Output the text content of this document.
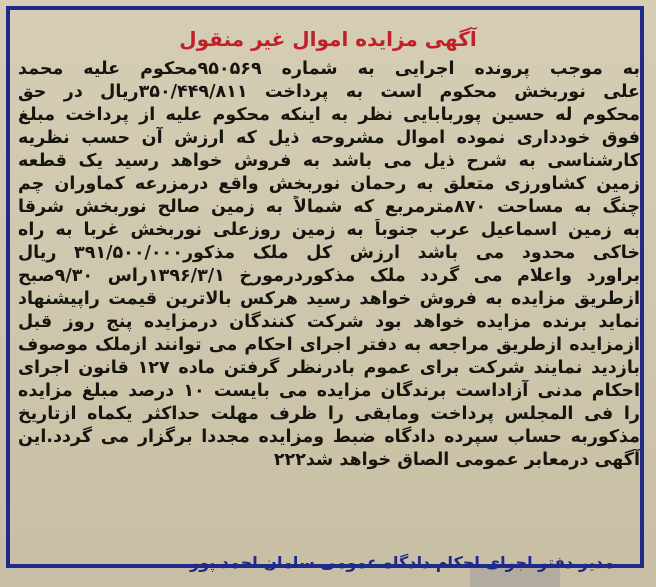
آگهی مزایده اموال غیر منقول
به موجب پرونده اجرایی به شماره ۹۵۰۵۶۹محکوم علیه محمد
علی نوربخش محکوم است به پرداخت ۳۵۰/۴۴۹/۸۱۱ریال در حق
محکوم له حسین پوربابایی نظر به اینکه محکوم علیه از پرداخت مبلغ
فوق خودداری نموده اموال مشروحه ذیل که ارزش آن حسب نظریه
کارشناسی به شرح ذیل می باشد به فروش خواهد رسید یک قطعه
زمین کشاورزی متعلق به رحمان نوربخش واقع درمزرعه کماوران چم
چنگ به مساحت ۸۷۰مترمربع که شمالاً به زمین صالح نوربخش شرقا
به زمین اسماعیل عرب جنوباً به زمین روزعلی نوربخش غربا به راه
خاکی محدود می باشد ارزش کل ملک مذکور۳۹۱/۵۰۰/۰۰۰ ریال
براورد واعلام می گردد ملک مذکوردرمورخ ۱۳۹۶/۳/۱راس ۹/۳۰صبح
ازطریق مزایده به فروش خواهد رسید هرکس بالاترین قیمت راپیشنهاد
نماید برنده مزایده خواهد بود شرکت کنندگان درمزایده پنج روز قبل
ازمزایده ازطریق مراجعه به دفتر اجرای احکام می توانند ازملک موصوف
بازدید نمایند شرکت برای عموم بادرنظر گرفتن ماده ۱۲۷ قانون اجرای
احکام مدنی آزاداست برندگان مزایده می بایست ۱۰ درصد مبلغ مزایده
را فی المجلس پرداخت ومابقی را ظرف مهلت حداکثر یکماه ازتاریخ
مذکوربه حساب سپرده دادگاه ضبط ومزایده مجددا برگزار می گردد.این
آگهی درمعابر عمومی الصاق خواهد شد۲۲۲
مدیر دفتر اجرای احکام دادگاه عمومی سامان احمد پور
